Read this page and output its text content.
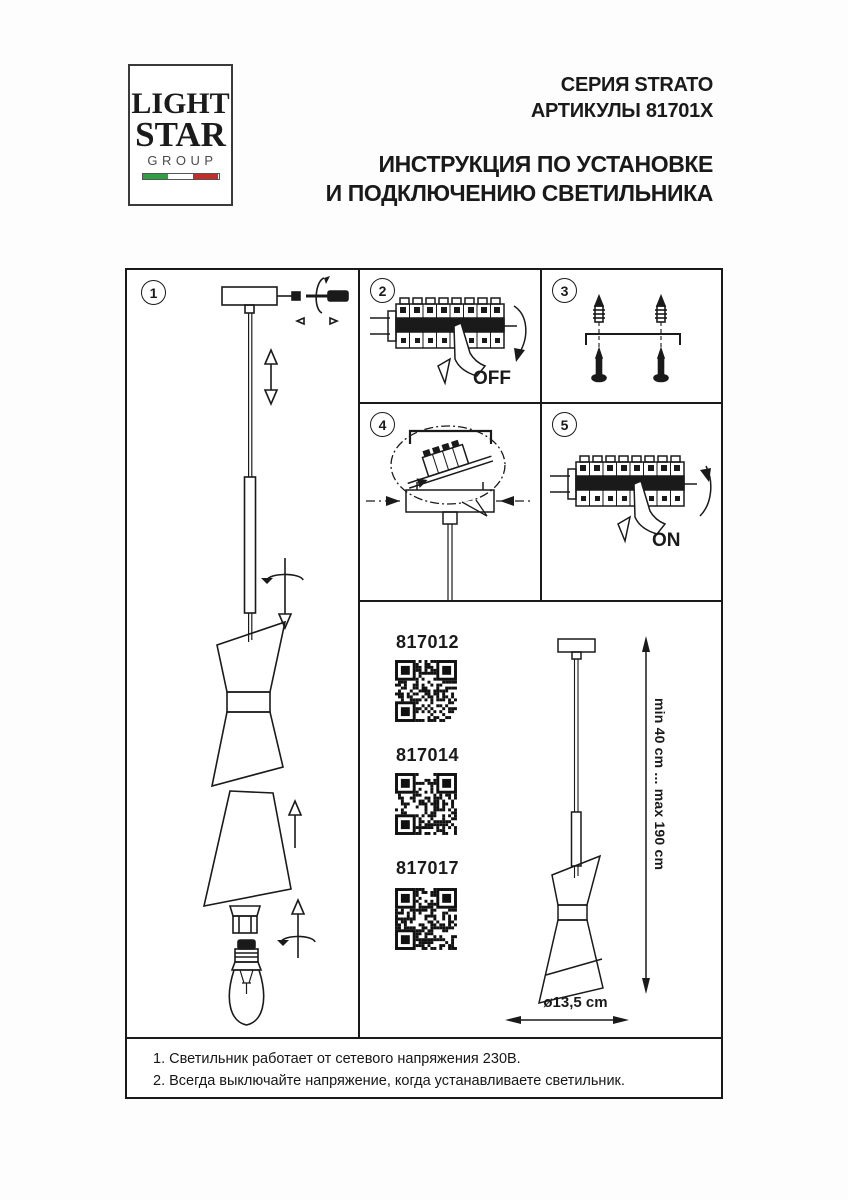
LIGHT
STAR
GROUP
СЕРИЯ STRATO
АРТИКУЛЫ 81701X
ИНСТРУКЦИЯ ПО УСТАНОВКЕ
И ПОДКЛЮЧЕНИЮ СВЕТИЛЬНИКА
1	2
OFF
3
4	5
ON
817012
817014
817017	min 40 cm ... max 190 cm
ø13,5 cm
1. Светильник работает от сетевого напряжения 230В.
2. Всегда выключайте напряжение, когда устанавливаете светильник.
